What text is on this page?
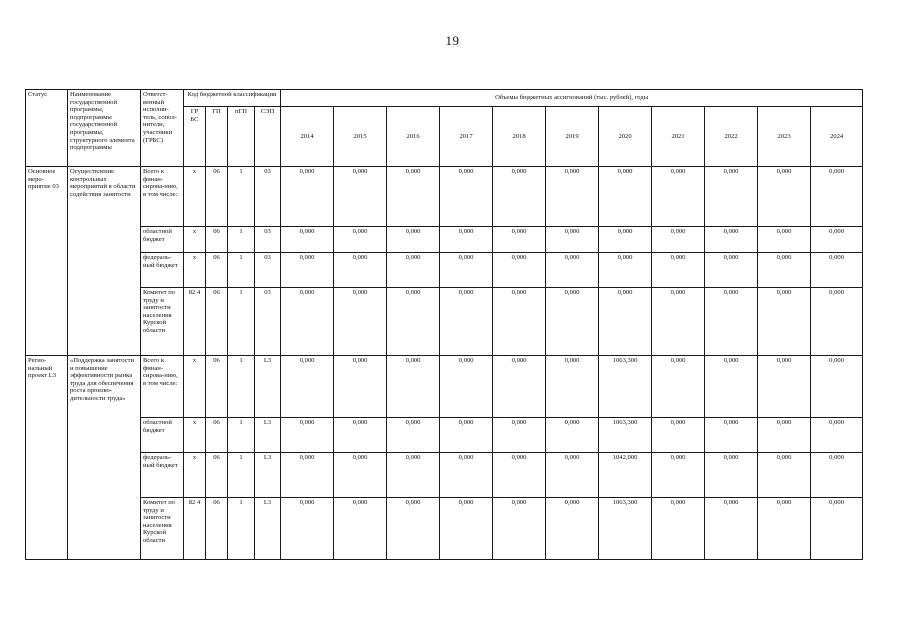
19
Статус	Наименование государственной программы, подпрограммы государственной программы, структурного элемента подпрограммы	Ответст-венный исполни-тель, сопол-нители, участники (ГРБС)	Код бюджетной классификации				Объемы бюджетных ассигнований (тыс. рублей), годы										
			ГР БС	ГП	пГП	СЭП	2014	2015	2016	2017	2018	2019	2020	2021	2022	2023	2024
Основное меро-приятие 03	Осуществление контрольных мероприятий в области содействия занятости	Всего к финан-сирова-нию, в том числе:	х	06	1	03	0,000	0,000	0,000	0,000	0,000	0,000	0,000	0,000	0,000	0,000	0,000
		областной бюджет	х	06	1	03	0,000	0,000	0,000	0,000	0,000	0,000	0,000	0,000	0,000	0,000	0,000
		федераль-ный бюджет	х	06	1	03	0,000	0,000	0,000	0,000	0,000	0,000	0,000	0,000	0,000	0,000	0,000
		Комитет по труду и занятости населения Курской области	82 4	06	1	03	0,000	0,000	0,000	0,000	0,000	0,000	0,000	0,000	0,000	0,000	0,000
Регио-нальный проект L3	«Поддержка занятости и повышение эффективности рынка труда для обеспечения роста произво-дительности труда»	Всего к финан-сирова-нию, в том числе:	х	06	1	L3	0,000	0,000	0,000	0,000	0,000	0,000	1063,300	0,000	0,000	0,000	0,000
		областной бюджет	х	06	1	L3	0,000	0,000	0,000	0,000	0,000	0,000	1063,300	0,000	0,000	0,000	0,000
		федераль-ный бюджет	х	06	1	L3	0,000	0,000	0,000	0,000	0,000	0,000	1042,000	0,000	0,000	0,000	0,000
		Комитет по труду и занятости населения Курской области	82 4	06	1	L3	0,000	0,000	0,000	0,000	0,000	0,000	1063,300	0,000	0,000	0,000	0,000
